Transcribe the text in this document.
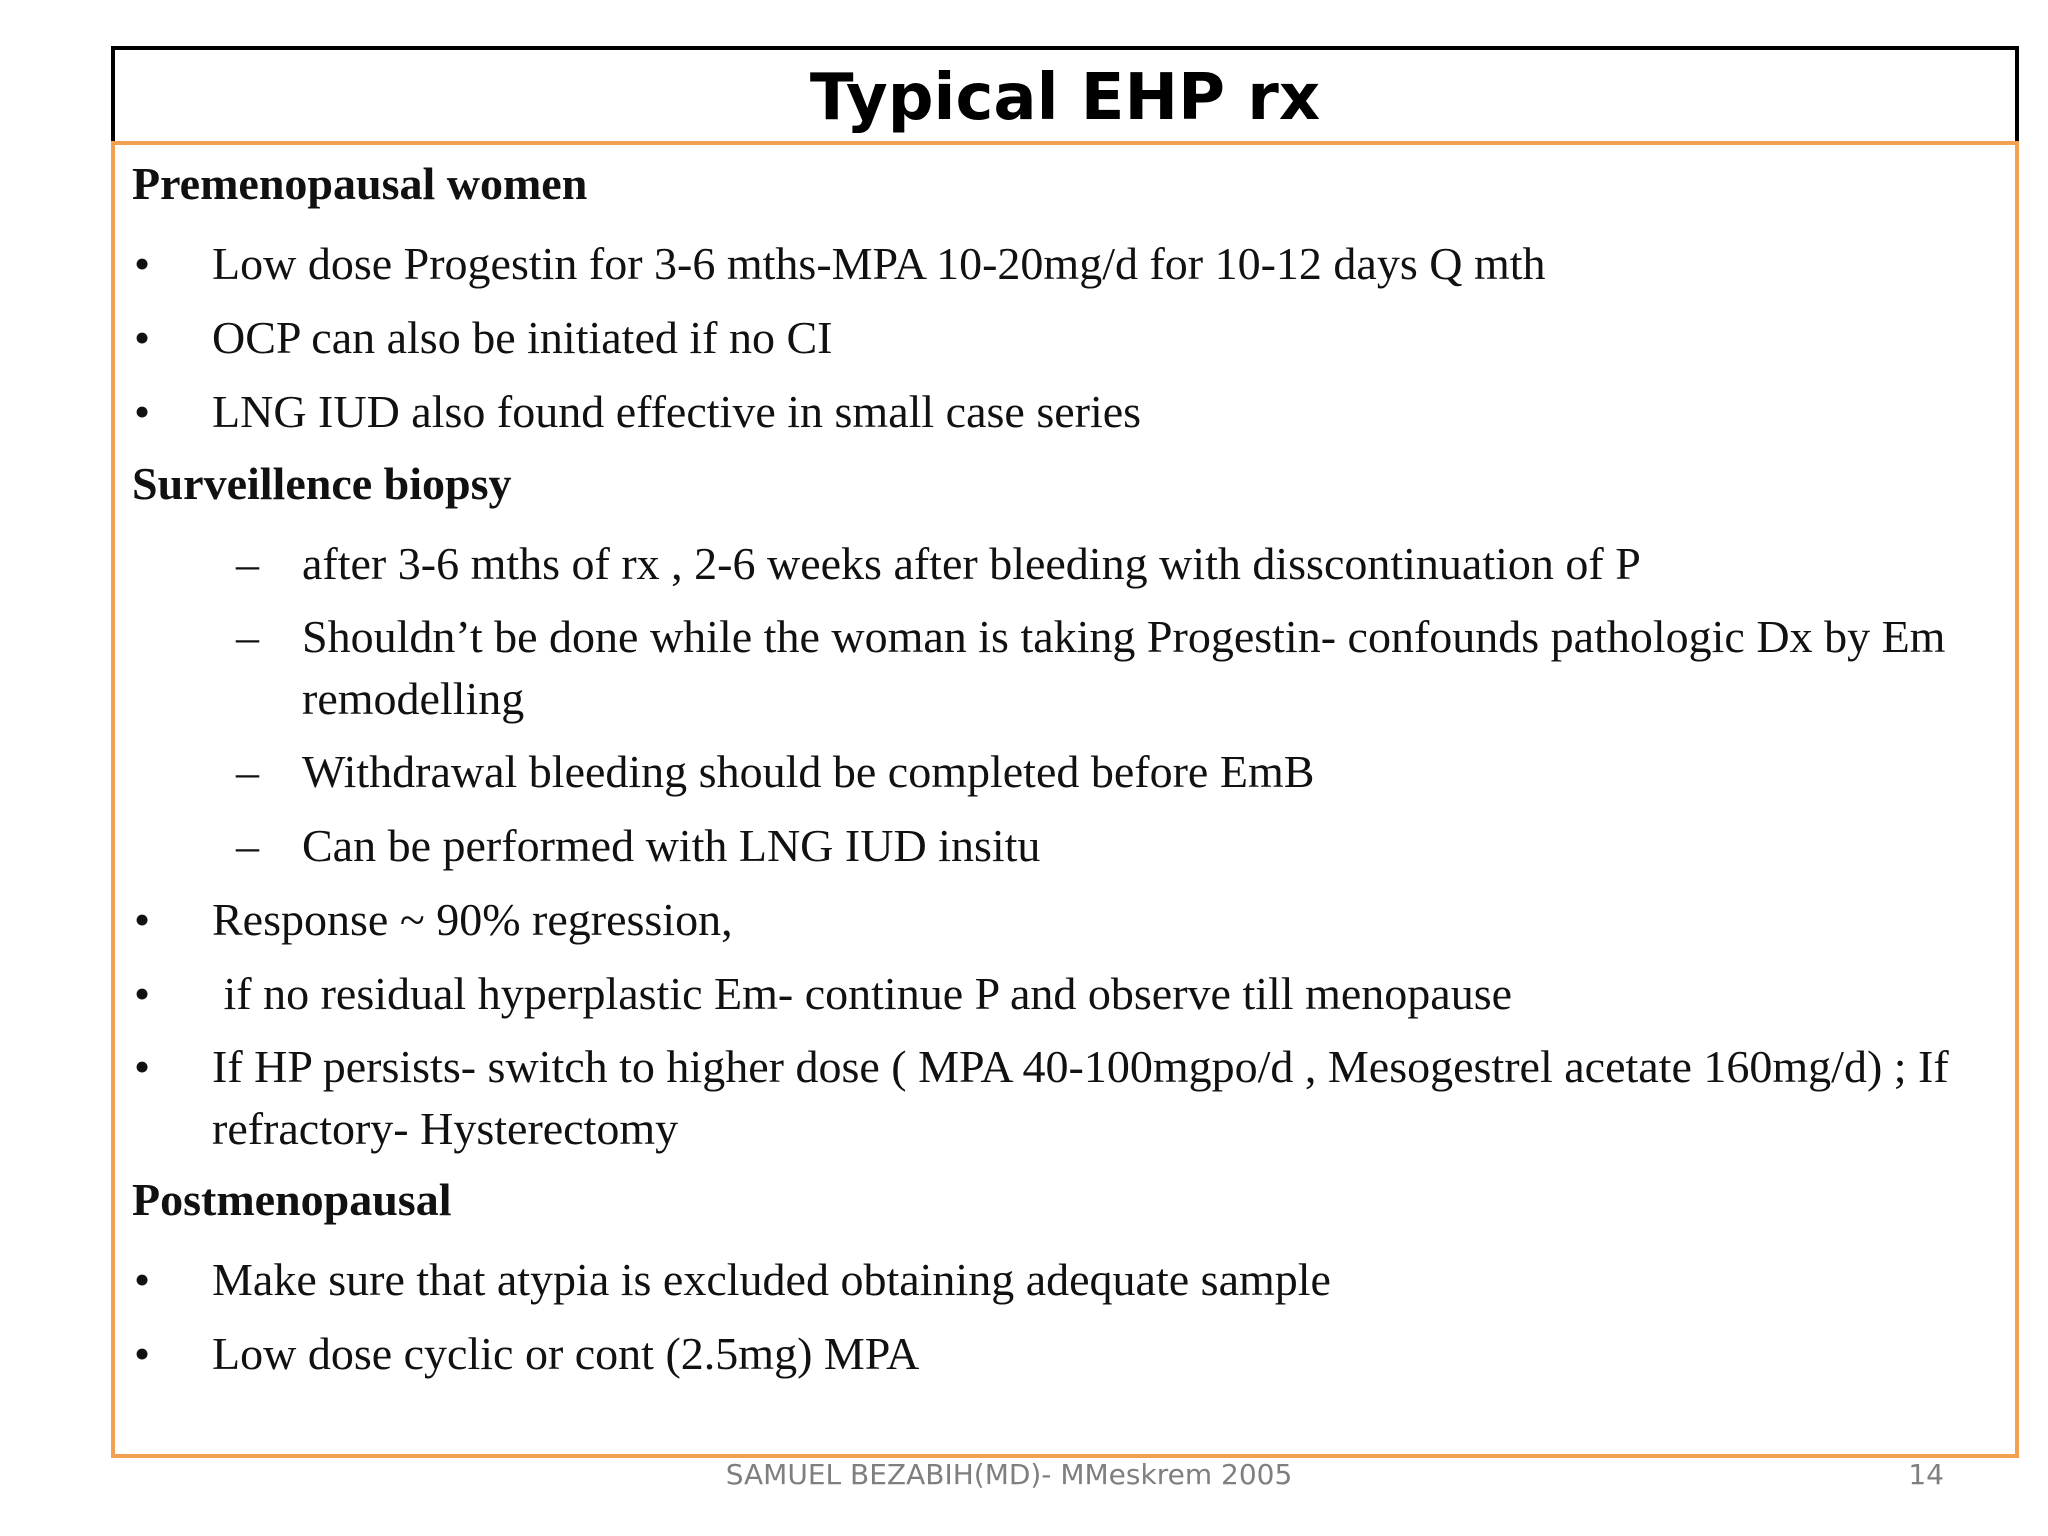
Typical EHP rx
Premenopausal women
• Low dose Progestin for 3-6 mths-MPA 10-20mg/d for 10-12 days Q mth
• OCP can also be initiated if no CI
• LNG IUD also found effective in small case series
Surveillence biopsy
– after 3-6 mths of rx , 2-6 weeks after bleeding with disscontinuation of P
– Shouldn’t be done while the woman is taking Progestin- confounds pathologic Dx by Em remodelling
– Withdrawal bleeding should be completed before EmB
– Can be performed with LNG IUD insitu
• Response ~ 90% regression,
• if no residual hyperplastic Em- continue P and observe till menopause
• If HP persists- switch to higher dose ( MPA 40-100mgpo/d , Mesogestrel acetate 160mg/d) ; If refractory- Hysterectomy
Postmenopausal
• Make sure that atypia is excluded obtaining adequate sample
• Low dose cyclic or cont (2.5mg) MPA
SAMUEL BEZABIH(MD)- MMeskrem 2005	14
